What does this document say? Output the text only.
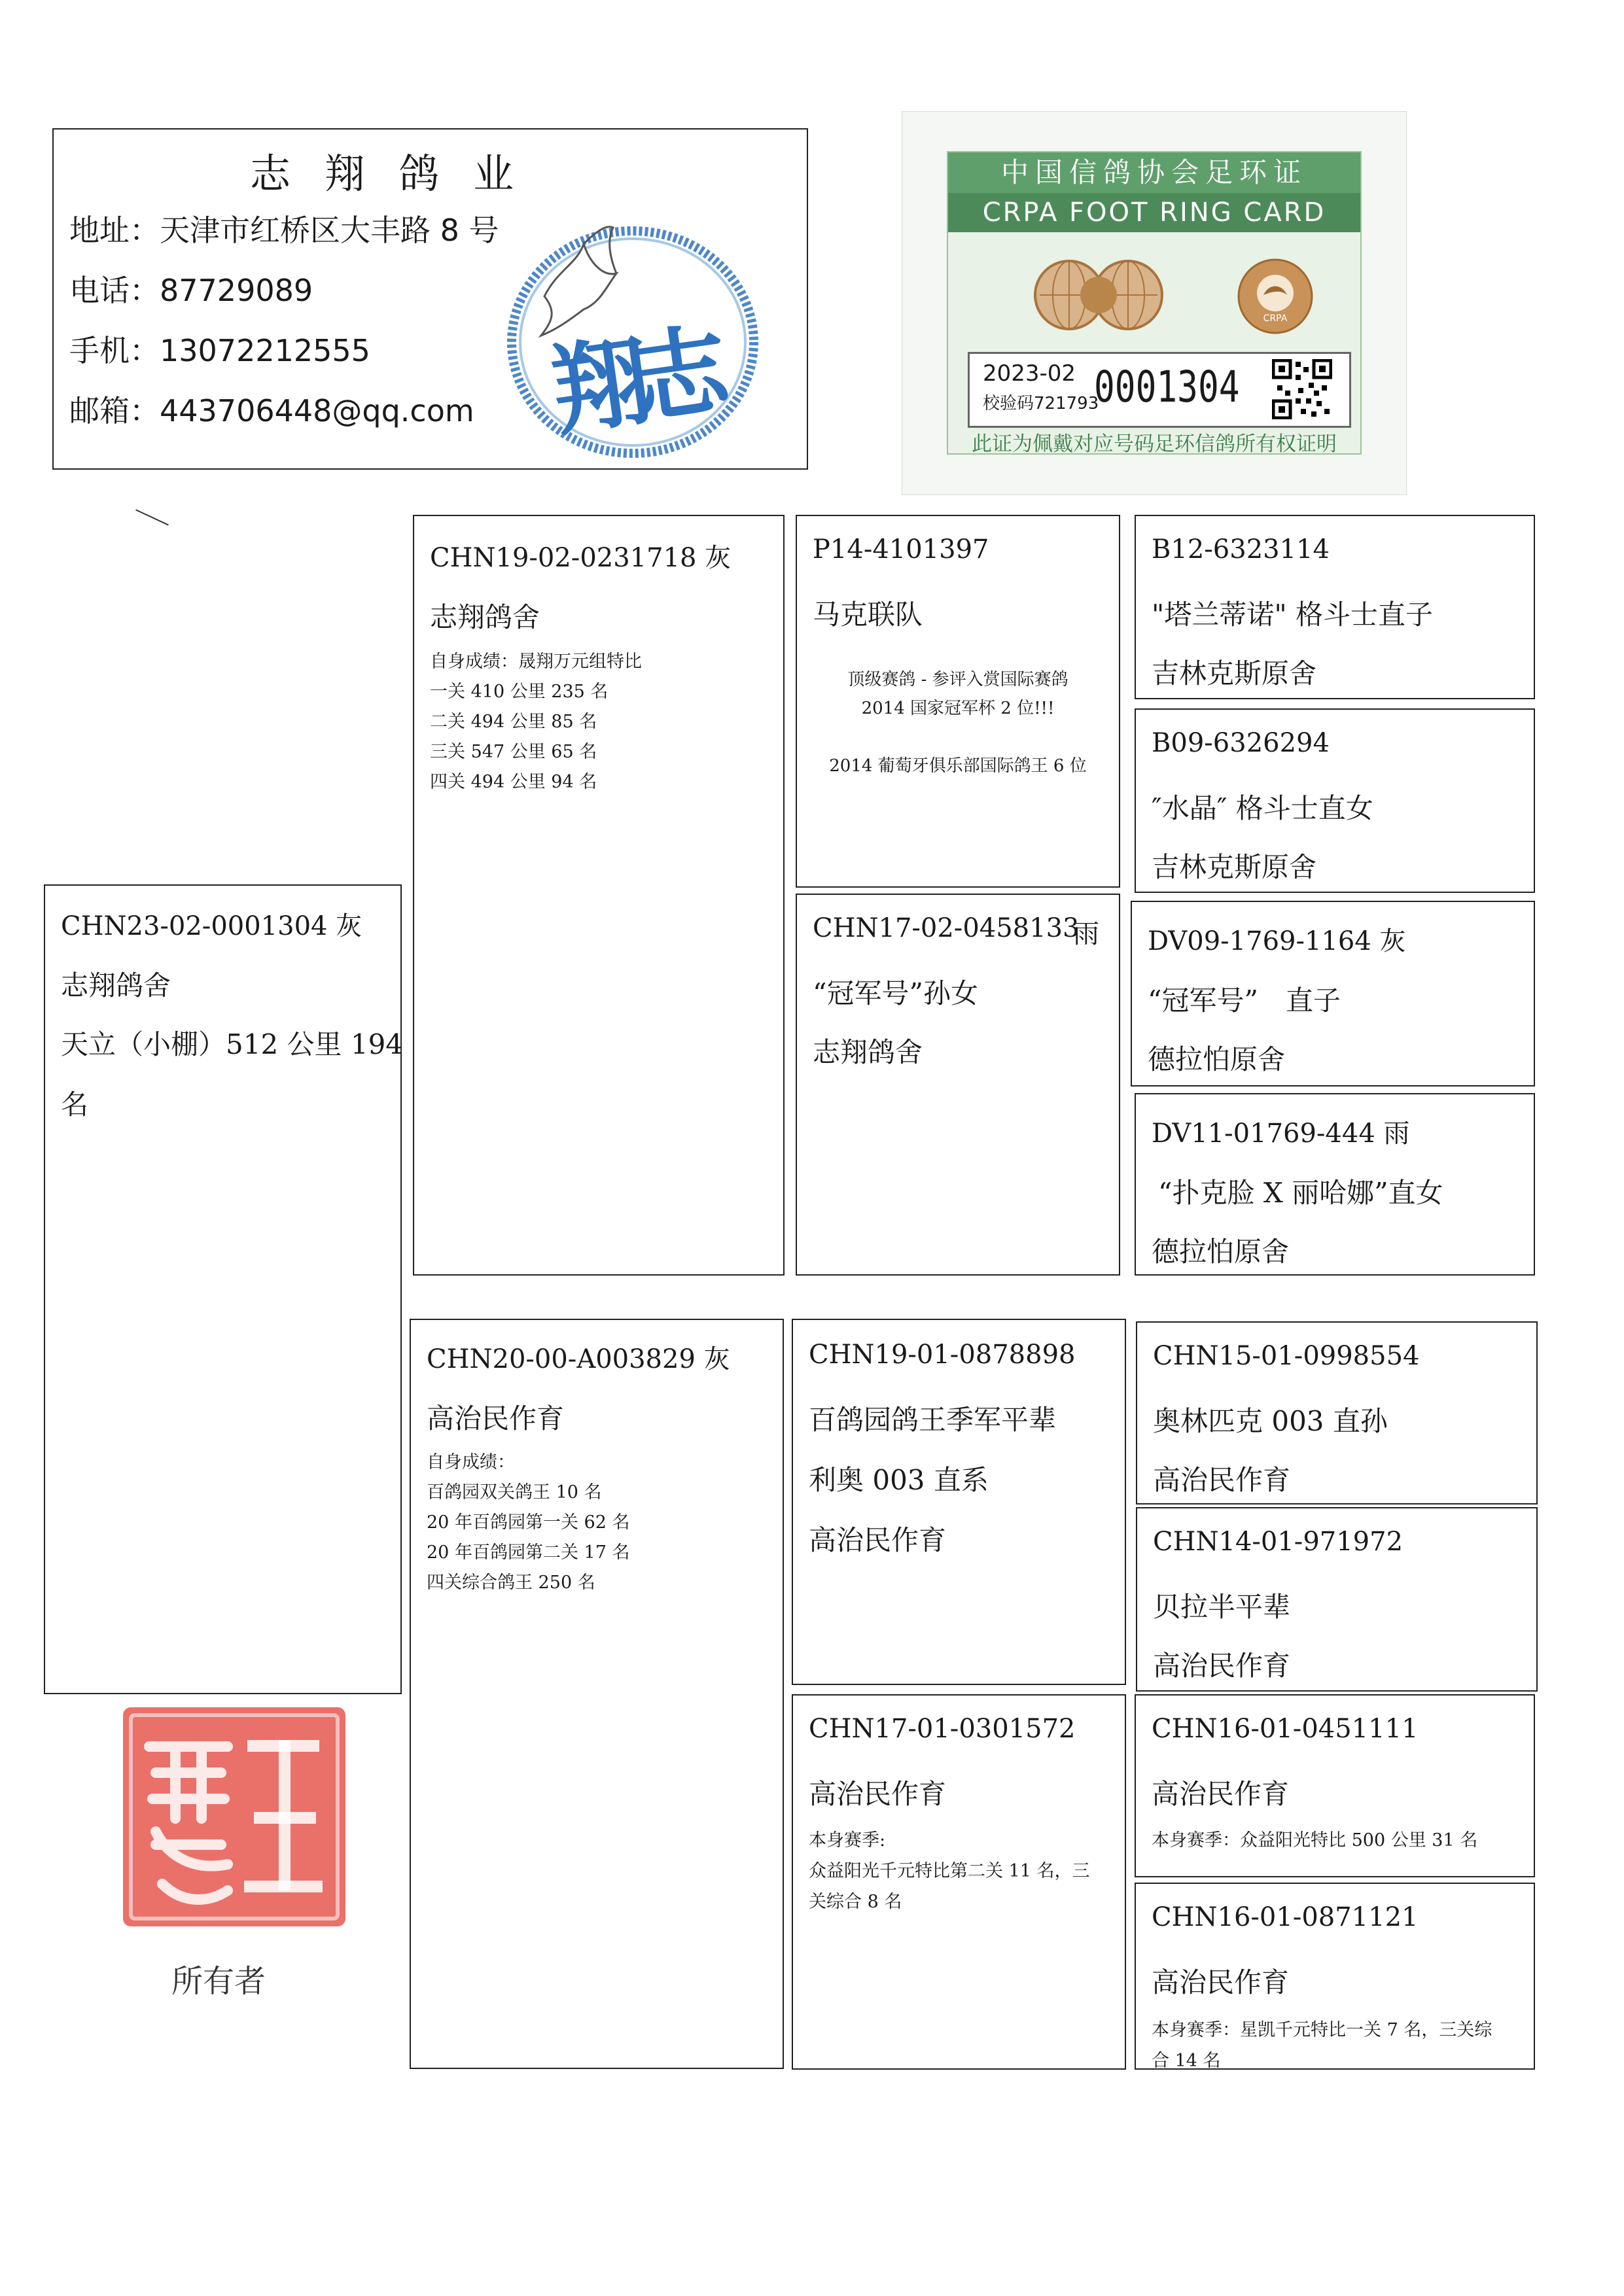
志 翔 鸽 业
地址：天津市红桥区大丰路 8 号
电话：87729089
手机：13072212555
邮箱：443706448@qq.com 翔志
中国信鸽协会足环证
CRPA FOOT RING CARD
CRPA
2023-02
校验码721793
0001304
此证为佩戴对应号码足环信鸽所有权证明
CHN23-02-0001304 灰
志翔鸽舍
天立（小棚）512 公里 194
名
CHN19-02-0231718 灰
志翔鸽舍
自身成绩：晟翔万元组特比
一关 410 公里 235 名
二关 494 公里 85 名
三关 547 公里 65 名
四关 494 公里 94 名
CHN20-00-A003829 灰
高治民作育
自身成绩：
百鸽园双关鸽王 10 名
20 年百鸽园第一关 62 名
20 年百鸽园第二关 17 名
四关综合鸽王 250 名
P14-4101397
马克联队
顶级赛鸽 - 参评入赏国际赛鸽
2014 国家冠军杯 2 位!!!
2014 葡萄牙俱乐部国际鸽王 6 位
CHN17-02-0458133
雨
“冠军号”孙女
志翔鸽舍
CHN19-01-0878898
百鸽园鸽王季军平辈
利奥 003 直系
高治民作育
CHN17-01-0301572
高治民作育
本身赛季:
众益阳光千元特比第二关 11 名，三
关综合 8 名
B12-6323114
"塔兰蒂诺" 格斗士直子
吉林克斯原舍
B09-6326294
″水晶″ 格斗士直女
吉林克斯原舍
DV09-1769-1164 灰
“冠军号”　直子
德拉怕原舍
DV11-01769-444 雨
“扑克脸 X 丽哈娜”直女
德拉怕原舍
CHN15-01-0998554
奥林匹克 003 直孙
高治民作育
CHN14-01-971972
贝拉半平辈
高治民作育
CHN16-01-0451111
高治民作育
本身赛季：众益阳光特比 500 公里 31 名
CHN16-01-0871121
高治民作育
本身赛季：星凯千元特比一关 7 名，三关综
合 14 名
所有者
